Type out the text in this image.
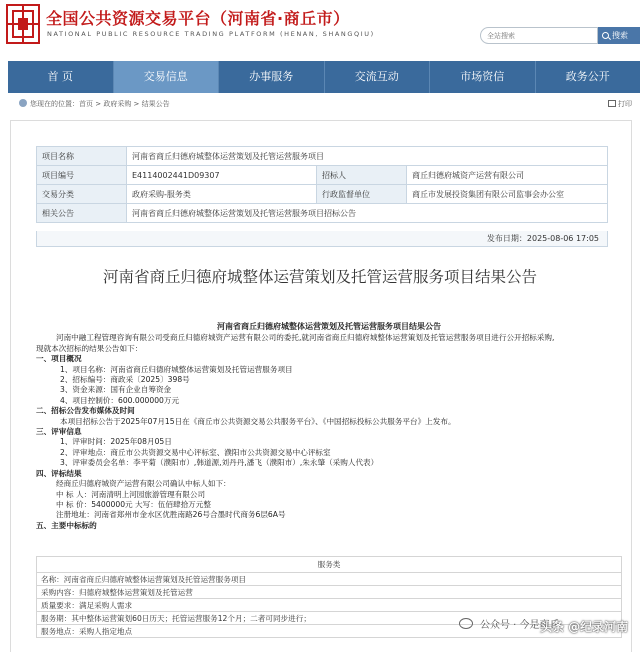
全国公共资源交易平台（河南省·商丘市）
NATIONAL PUBLIC RESOURCE TRADING PLATFORM (HENAN, SHANGQIU)
全站搜索	搜索
首 页	交易信息	办事服务	交流互动	市场资信	政务公开
您现在的位置：首页 > 政府采购 > 结果公告	打印
项目名称	河南省商丘归德府城整体运营策划及托管运营服务项目		
项目编号	E4114002441D09307	招标人	商丘归德府城资产运营有限公司
交易分类	政府采购-服务类	行政监督单位	商丘市发展投资集团有限公司监事会办公室
相关公告	河南省商丘归德府城整体运营策划及托管运营服务项目招标公告		
发布日期：2025-08-06 17:05
河南省商丘归德府城整体运营策划及托管运营服务项目结果公告
河南省商丘归德府城整体运营策划及托管运营服务项目结果公告
河南中融工程管理咨询有限公司受商丘归德府城资产运营有限公司的委托,就河南省商丘归德府城整体运营策划及托管运营服务项目进行公开招标采购,
现就本次招标的结果公告如下：
一、项目概况
1、项目名称：河南省商丘归德府城整体运营策划及托管运营服务项目
2、招标编号：商政采〔2025〕398号
3、资金来源：国有企业自筹资金
4、项目控制价：600.000000万元
二、招标公告发布媒体及时间
本项目招标公告于2025年07月15日在《商丘市公共资源交易公共服务平台》、《中国招标投标公共服务平台》上发布。
三、评审信息
1、评审时间：2025年08月05日
2、评审地点：商丘市公共资源交易中心评标室、濮阳市公共资源交易中心评标室
3、评审委员会名单：李平菊（濮阳市）,韩道源,刘丹丹,潘飞（濮阳市）,朱永肇（采购人代表）
四、评标结果
经商丘归德府城资产运营有限公司确认中标人如下：
中 标 人：河南清明上河园旅游管理有限公司
中 标 价：5400000元 大写：伍佰肆拾万元整
注册地址：河南省郑州市金水区优胜南路26号合墨时代商务6层6A号
五、主要中标标的
服务类
名称：河南省商丘归德府城整体运营策划及托管运营服务项目
采购内容：归德府城整体运营策划及托管运营
质量要求：满足采购人需求
服务期：其中整体运营策划60日历天；托管运营服务12个月；二者可同步进行；
服务地点：采购人指定地点	公众号 · 今是商丘
头条 @纪录河南
